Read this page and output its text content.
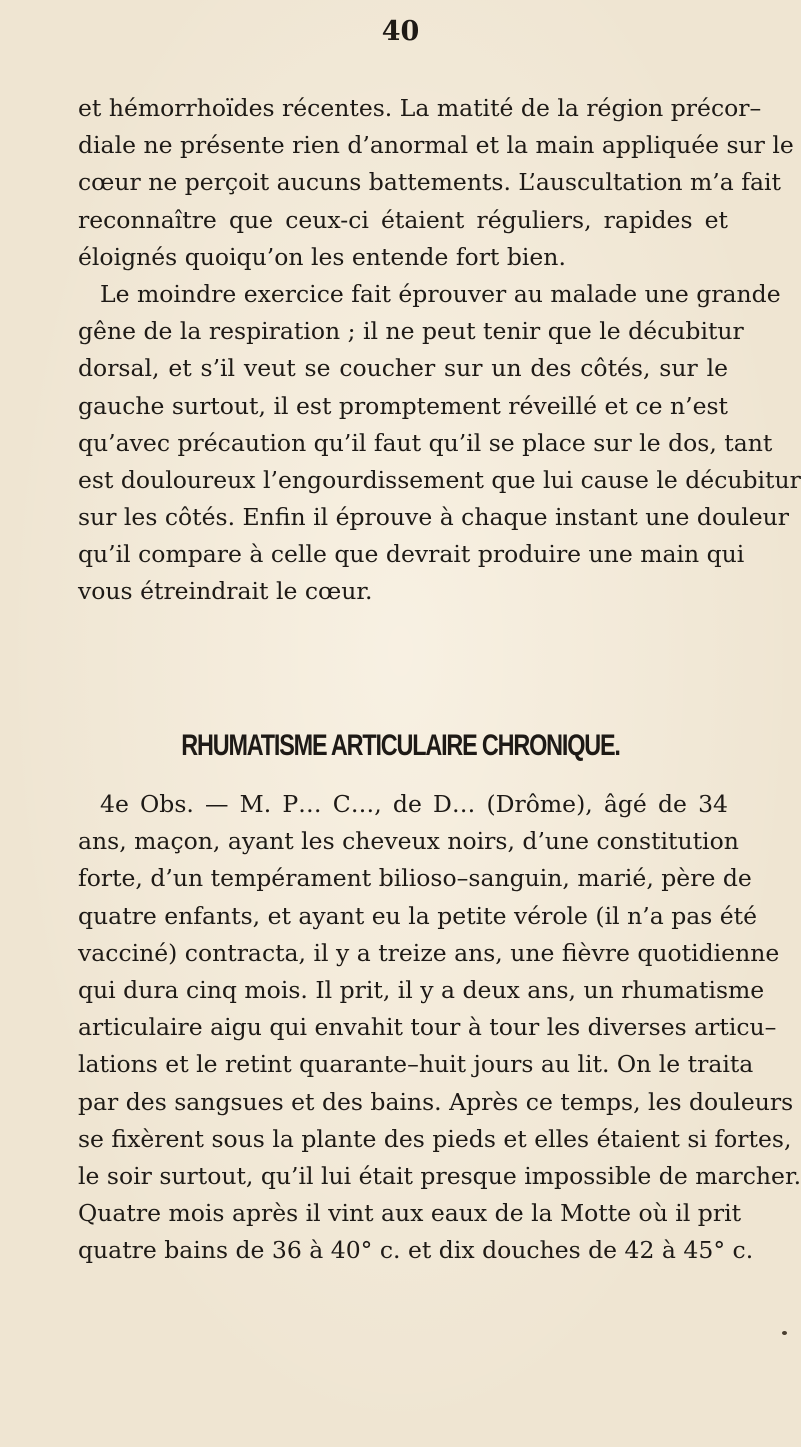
40
et hémorrhoïdes récentes. La matité de la région précor–
diale ne présente rien d’anormal et la main appliquée sur le
cœur ne perçoit aucuns battements. L’auscultation m’a fait
reconnaître que ceux-ci étaient réguliers, rapides et
éloignés quoiqu’on les entende fort bien.
Le moindre exercice fait éprouver au malade une grande
gêne de la respiration ; il ne peut tenir que le décubitur
dorsal, et s’il veut se coucher sur un des côtés, sur le
gauche surtout, il est promptement réveillé et ce n’est
qu’avec précaution qu’il faut qu’il se place sur le dos, tant
est douloureux l’engourdissement que lui cause le décubitur
sur les côtés. Enfin il éprouve à chaque instant une douleur
qu’il compare à celle que devrait produire une main qui
vous étreindrait le cœur.
RHUMATISME ARTICULAIRE CHRONIQUE.
4e Obs. — M. P… C…, de D… (Drôme), âgé de 34
ans, maçon, ayant les cheveux noirs, d’une constitution
forte, d’un tempérament bilioso–sanguin, marié, père de
quatre enfants, et ayant eu la petite vérole (il n’a pas été
vacciné) contracta, il y a treize ans, une fièvre quotidienne
qui dura cinq mois. Il prit, il y a deux ans, un rhumatisme
articulaire aigu qui envahit tour à tour les diverses articu–
lations et le retint quarante–huit jours au lit. On le traita
par des sangsues et des bains. Après ce temps, les douleurs
se fixèrent sous la plante des pieds et elles étaient si fortes,
le soir surtout, qu’il lui était presque impossible de marcher.
Quatre mois après il vint aux eaux de la Motte où il prit
quatre bains de 36 à 40° c. et dix douches de 42 à 45° c.
